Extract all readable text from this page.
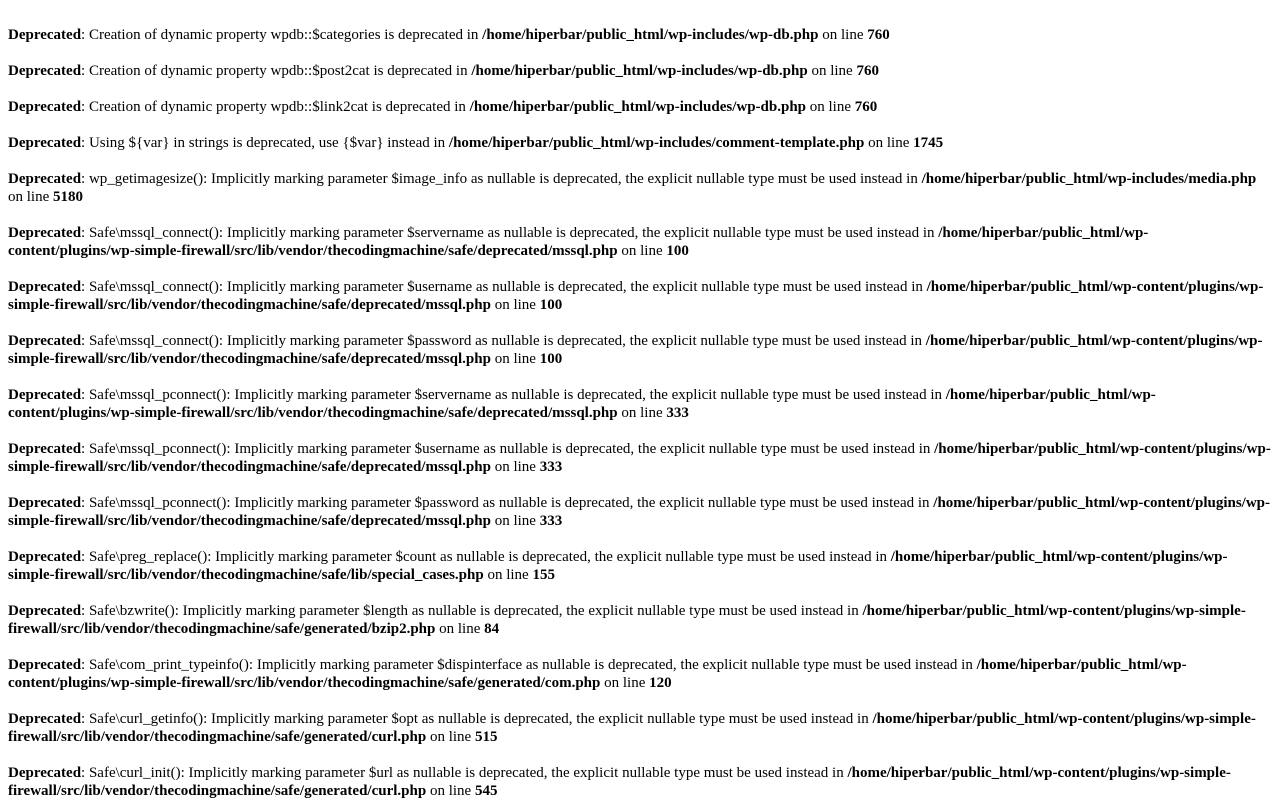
Deprecated: Creation of dynamic property wpdb::$categories is deprecated in /home/hiperbar/public_html/wp-includes/wp-db.php on line 760
Deprecated: Creation of dynamic property wpdb::$post2cat is deprecated in /home/hiperbar/public_html/wp-includes/wp-db.php on line 760
Deprecated: Creation of dynamic property wpdb::$link2cat is deprecated in /home/hiperbar/public_html/wp-includes/wp-db.php on line 760
Deprecated: Using ${var} in strings is deprecated, use {$var} instead in /home/hiperbar/public_html/wp-includes/comment-template.php on line 1745
Deprecated: wp_getimagesize(): Implicitly marking parameter $image_info as nullable is deprecated, the explicit nullable type must be used instead in /home/hiperbar/public_html/wp-includes/media.php on line 5180
Deprecated: Safe\mssql_connect(): Implicitly marking parameter $servername as nullable is deprecated, the explicit nullable type must be used instead in /home/hiperbar/public_html/wp-content/plugins/wp-simple-firewall/src/lib/vendor/thecodingmachine/safe/deprecated/mssql.php on line 100
Deprecated: Safe\mssql_connect(): Implicitly marking parameter $username as nullable is deprecated, the explicit nullable type must be used instead in /home/hiperbar/public_html/wp-content/plugins/wp-simple-firewall/src/lib/vendor/thecodingmachine/safe/deprecated/mssql.php on line 100
Deprecated: Safe\mssql_connect(): Implicitly marking parameter $password as nullable is deprecated, the explicit nullable type must be used instead in /home/hiperbar/public_html/wp-content/plugins/wp-simple-firewall/src/lib/vendor/thecodingmachine/safe/deprecated/mssql.php on line 100
Deprecated: Safe\mssql_pconnect(): Implicitly marking parameter $servername as nullable is deprecated, the explicit nullable type must be used instead in /home/hiperbar/public_html/wp-content/plugins/wp-simple-firewall/src/lib/vendor/thecodingmachine/safe/deprecated/mssql.php on line 333
Deprecated: Safe\mssql_pconnect(): Implicitly marking parameter $username as nullable is deprecated, the explicit nullable type must be used instead in /home/hiperbar/public_html/wp-content/plugins/wp-simple-firewall/src/lib/vendor/thecodingmachine/safe/deprecated/mssql.php on line 333
Deprecated: Safe\mssql_pconnect(): Implicitly marking parameter $password as nullable is deprecated, the explicit nullable type must be used instead in /home/hiperbar/public_html/wp-content/plugins/wp-simple-firewall/src/lib/vendor/thecodingmachine/safe/deprecated/mssql.php on line 333
Deprecated: Safe\preg_replace(): Implicitly marking parameter $count as nullable is deprecated, the explicit nullable type must be used instead in /home/hiperbar/public_html/wp-content/plugins/wp-simple-firewall/src/lib/vendor/thecodingmachine/safe/lib/special_cases.php on line 155
Deprecated: Safe\bzwrite(): Implicitly marking parameter $length as nullable is deprecated, the explicit nullable type must be used instead in /home/hiperbar/public_html/wp-content/plugins/wp-simple-firewall/src/lib/vendor/thecodingmachine/safe/generated/bzip2.php on line 84
Deprecated: Safe\com_print_typeinfo(): Implicitly marking parameter $dispinterface as nullable is deprecated, the explicit nullable type must be used instead in /home/hiperbar/public_html/wp-content/plugins/wp-simple-firewall/src/lib/vendor/thecodingmachine/safe/generated/com.php on line 120
Deprecated: Safe\curl_getinfo(): Implicitly marking parameter $opt as nullable is deprecated, the explicit nullable type must be used instead in /home/hiperbar/public_html/wp-content/plugins/wp-simple-firewall/src/lib/vendor/thecodingmachine/safe/generated/curl.php on line 515
Deprecated: Safe\curl_init(): Implicitly marking parameter $url as nullable is deprecated, the explicit nullable type must be used instead in /home/hiperbar/public_html/wp-content/plugins/wp-simple-firewall/src/lib/vendor/thecodingmachine/safe/generated/curl.php on line 545
